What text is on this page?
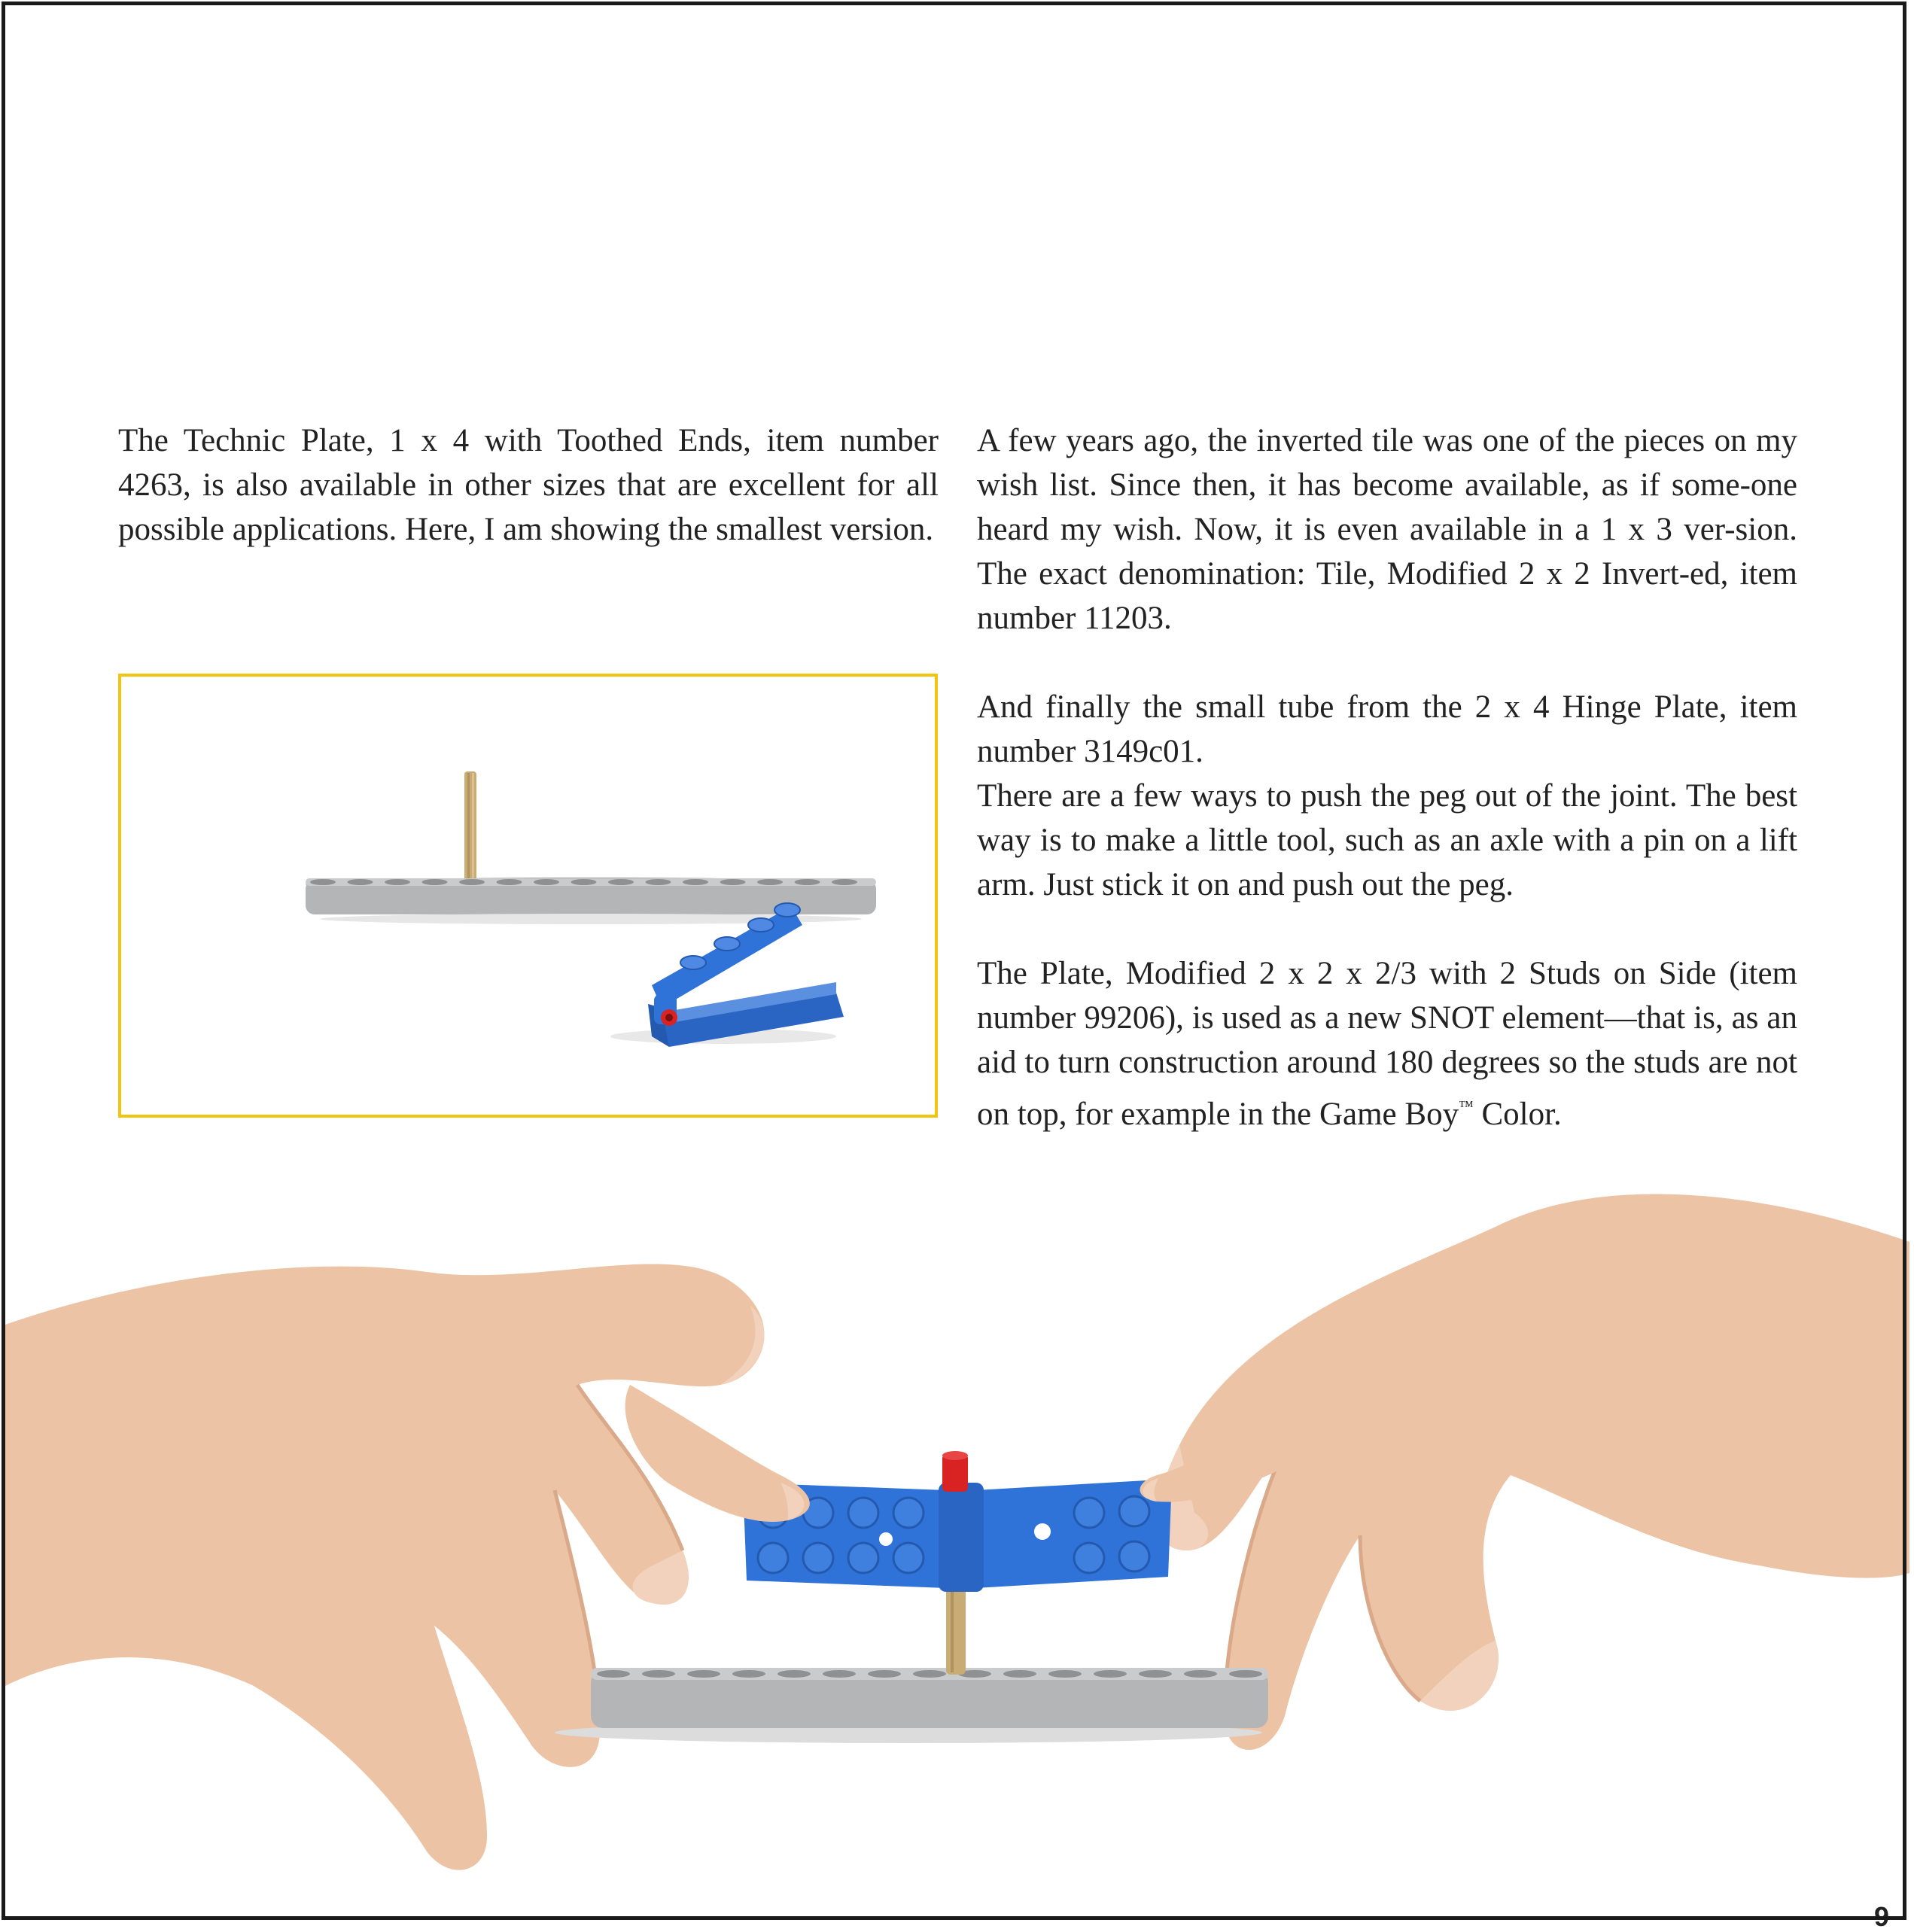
The Technic Plate, 1 x 4 with Toothed Ends, item number 4263, is also available in other sizes that are excellent for all possible applications. Here, I am showing the smallest version.

A few years ago, the inverted tile was one of the pieces on my wish list. Since then, it has become available, as if some-one heard my wish. Now, it is even available in a 1 x 3 ver-sion. The exact denomination: Tile, Modified 2 x 2 Invert-ed, item number 11203.

And finally the small tube from the 2 x 4 Hinge Plate, item number 3149c01.

There are a few ways to push the peg out of the joint. The best way is to make a little tool, such as an axle with a pin on a lift arm. Just stick it on and push out the peg.

The Plate, Modified 2 x 2 x 2/3 with 2 Studs on Side (item number 99206), is used as a new SNOT element—that is, as an aid to turn construction around 180 degrees so the studs are not on top, for example in the Game Boy™ Color.

9
